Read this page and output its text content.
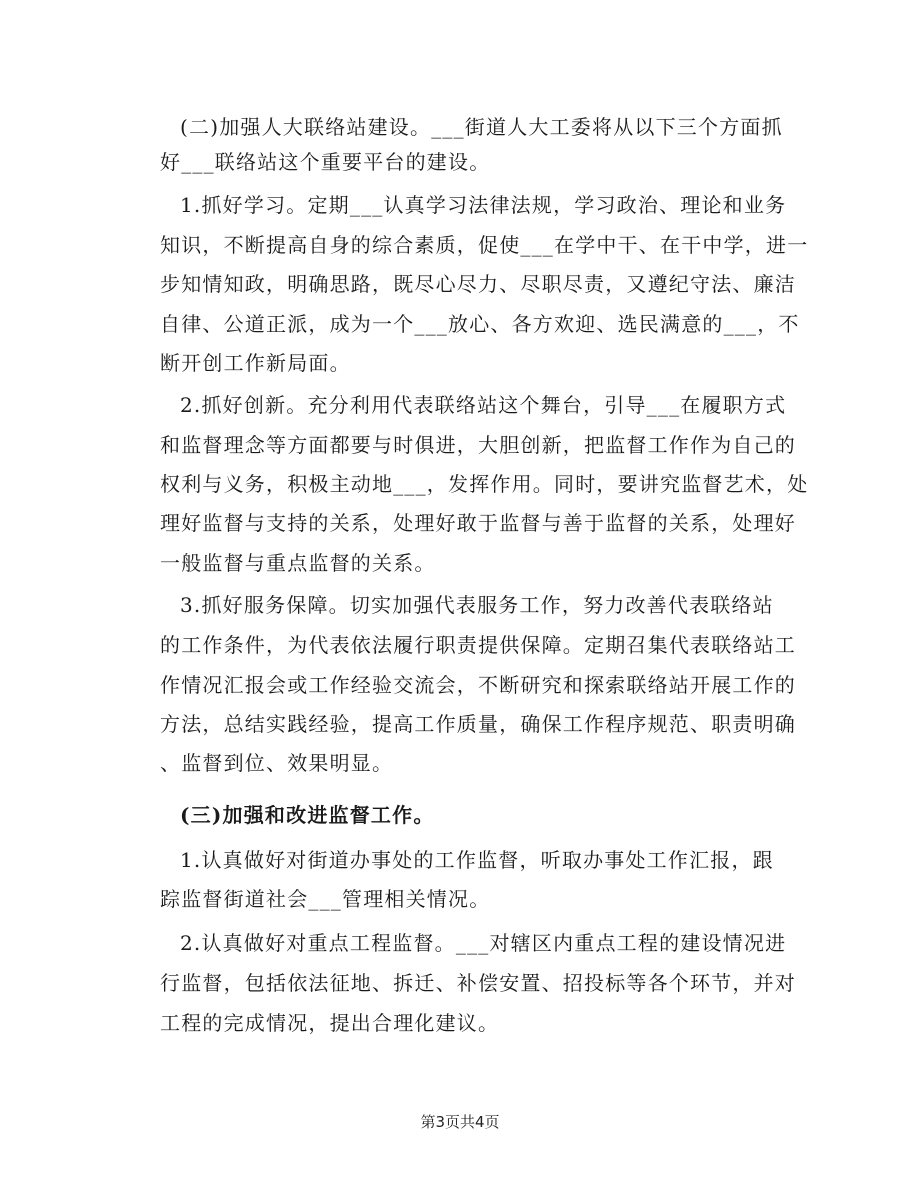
(二)加强人大联络站建设。___街道人大工委将从以下三个方面抓
好___联络站这个重要平台的建设。
1.抓好学习。定期___认真学习法律法规，学习政治、理论和业务
知识，不断提高自身的综合素质，促使___在学中干、在干中学，进一
步知情知政，明确思路，既尽心尽力、尽职尽责，又遵纪守法、廉洁
自律、公道正派，成为一个___放心、各方欢迎、选民满意的___，不
断开创工作新局面。
2.抓好创新。充分利用代表联络站这个舞台，引导___在履职方式
和监督理念等方面都要与时俱进，大胆创新，把监督工作作为自己的
权利与义务，积极主动地___，发挥作用。同时，要讲究监督艺术，处
理好监督与支持的关系，处理好敢于监督与善于监督的关系，处理好
一般监督与重点监督的关系。
3.抓好服务保障。切实加强代表服务工作，努力改善代表联络站
的工作条件，为代表依法履行职责提供保障。定期召集代表联络站工
作情况汇报会或工作经验交流会，不断研究和探索联络站开展工作的
方法，总结实践经验，提高工作质量，确保工作程序规范、职责明确
、监督到位、效果明显。
(三)加强和改进监督工作。
1.认真做好对街道办事处的工作监督，听取办事处工作汇报，跟
踪监督街道社会___管理相关情况。
2.认真做好对重点工程监督。___对辖区内重点工程的建设情况进
行监督，包括依法征地、拆迁、补偿安置、招投标等各个环节，并对
工程的完成情况，提出合理化建议。
第3页共4页
